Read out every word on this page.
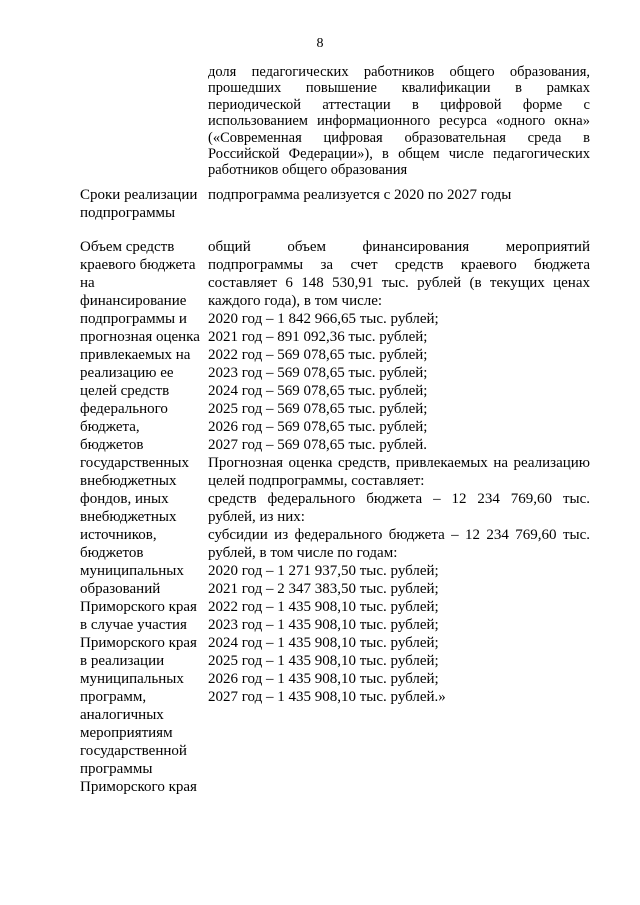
8
доля педагогических работников общего образования, прошедших повышение квалификации в рамках периодической аттестации в цифровой форме с использованием информационного ресурса «одного окна» («Современная цифровая образовательная среда в Российской Федерации»), в общем числе педагогических работников общего образования
Сроки реализации подпрограммы
подпрограмма реализуется с 2020 по 2027 годы
Объем средств краевого бюджета на финансирование подпрограммы и прогнозная оценка привлекаемых на реализацию ее целей средств федерального бюджета, бюджетов государственных внебюджетных фондов, иных внебюджетных источников, бюджетов муниципальных образований Приморского края в случае участия Приморского края в реализации муниципальных программ, аналогичных мероприятиям государственной программы Приморского края
общий объем финансирования мероприятий подпрограммы за счет средств краевого бюджета составляет 6 148 530,91 тыс. рублей (в текущих ценах каждого года), в том числе:
2020 год – 1 842 966,65 тыс. рублей;
2021 год – 891 092,36 тыс. рублей;
2022 год – 569 078,65 тыс. рублей;
2023 год – 569 078,65 тыс. рублей;
2024 год – 569 078,65 тыс. рублей;
2025 год – 569 078,65 тыс. рублей;
2026 год – 569 078,65 тыс. рублей;
2027 год – 569 078,65 тыс. рублей.
Прогнозная оценка средств, привлекаемых на реализацию целей подпрограммы, составляет:
средств федерального бюджета – 12 234 769,60 тыс. рублей, из них:
субсидии из федерального бюджета – 12 234 769,60 тыс. рублей, в том числе по годам:
2020 год – 1 271 937,50 тыс. рублей;
2021 год – 2 347 383,50 тыс. рублей;
2022 год – 1 435 908,10 тыс. рублей;
2023 год – 1 435 908,10 тыс. рублей;
2024 год – 1 435 908,10 тыс. рублей;
2025 год – 1 435 908,10 тыс. рублей;
2026 год – 1 435 908,10 тыс. рублей;
2027 год – 1 435 908,10 тыс. рублей.»
